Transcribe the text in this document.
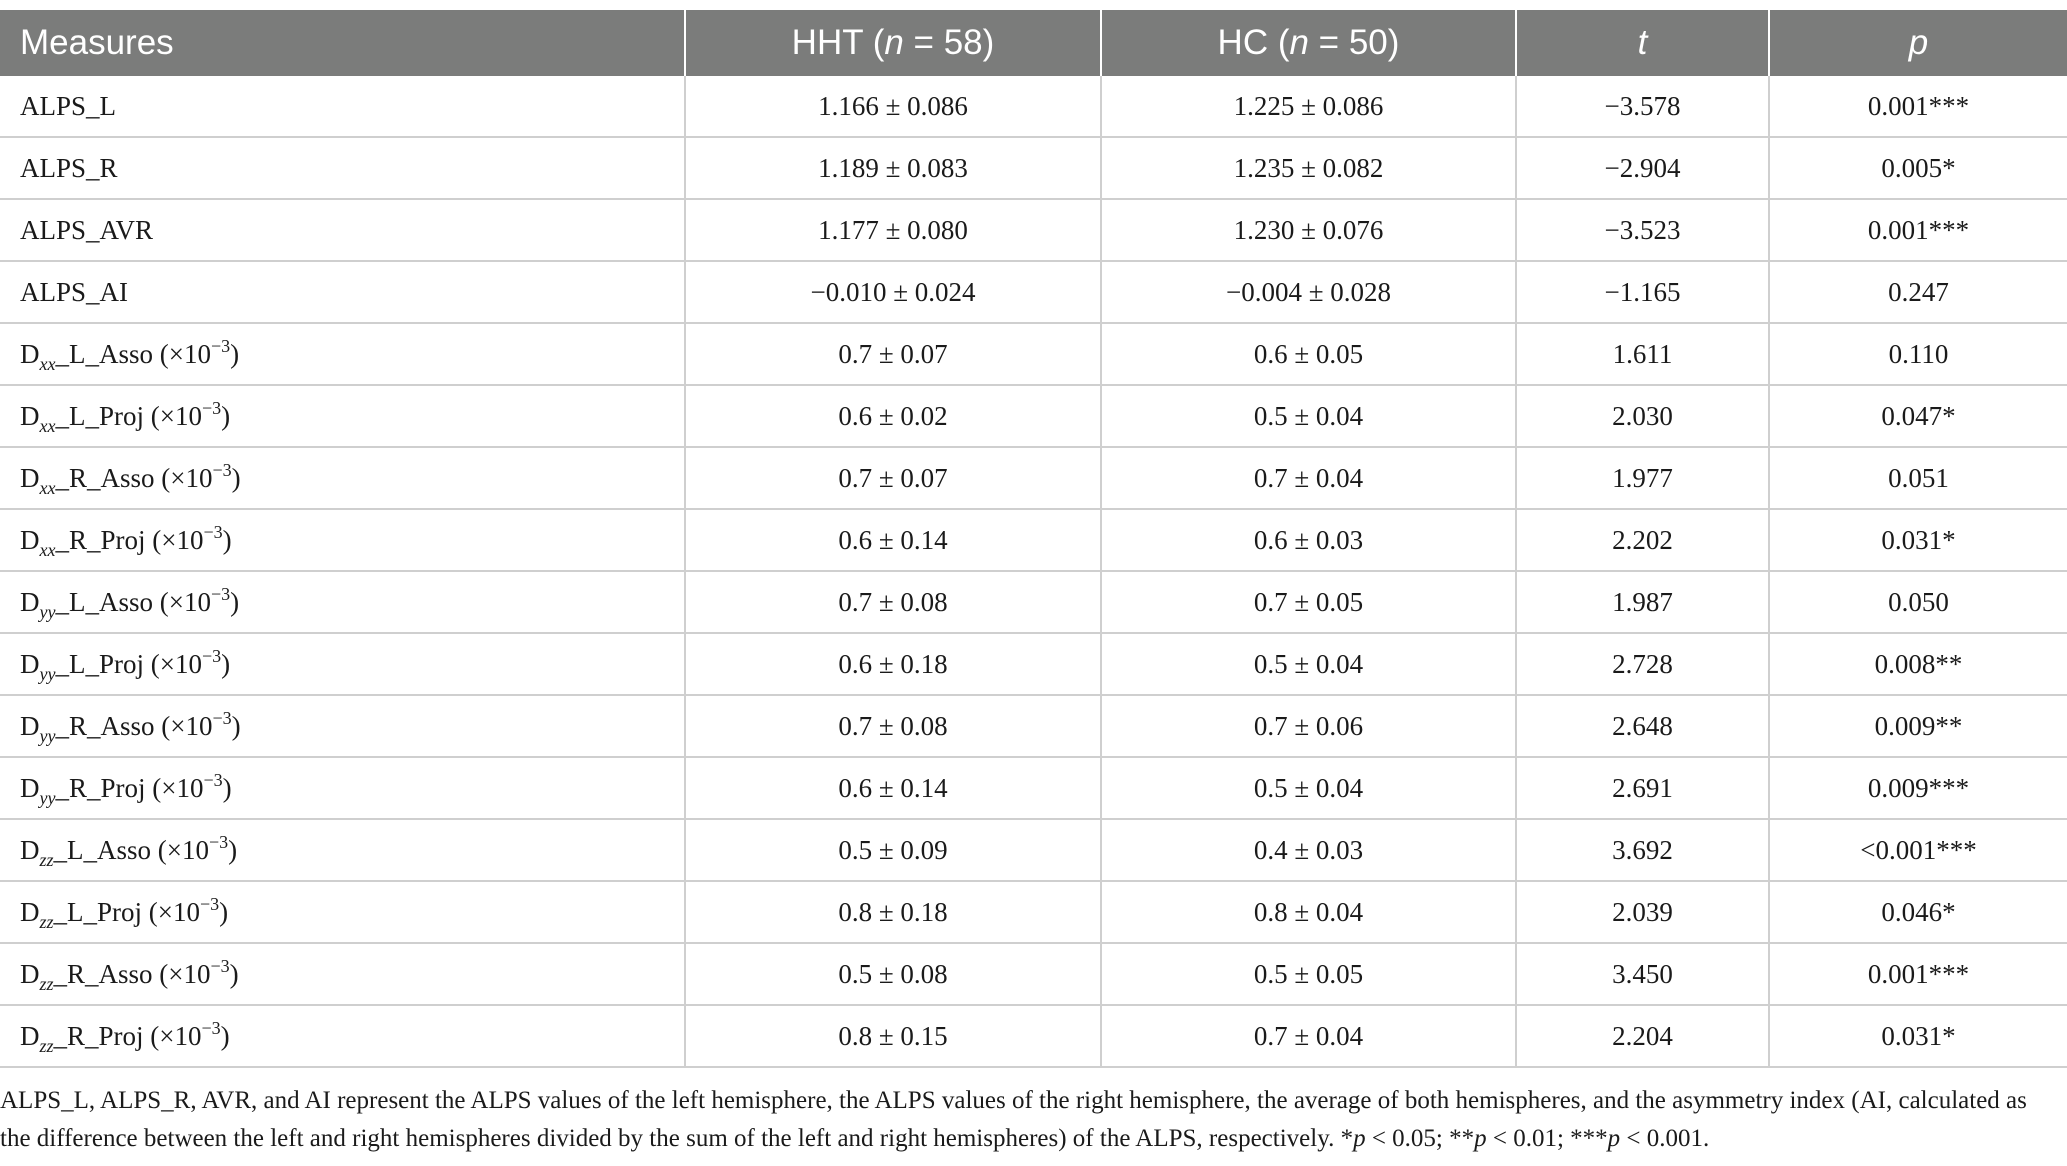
Measures	HHT (n = 58)	HC (n = 50)	t	p
ALPS_L	1.166 ± 0.086	1.225 ± 0.086	−3.578	0.001***
ALPS_R	1.189 ± 0.083	1.235 ± 0.082	−2.904	0.005*
ALPS_AVR	1.177 ± 0.080	1.230 ± 0.076	−3.523	0.001***
ALPS_AI	−0.010 ± 0.024	−0.004 ± 0.028	−1.165	0.247
$D_{xx}\_L\_Asso$ $(\times 10^{-3})$	0.7 ± 0.07	0.6 ± 0.05	1.611	0.110
$D_{xx}\_L\_Proj$ $(\times 10^{-3})$	0.6 ± 0.02	0.5 ± 0.04	2.030	0.047*
$D_{xx}\_R\_Asso$ $(\times 10^{-3})$	0.7 ± 0.07	0.7 ± 0.04	1.977	0.051
$D_{xx}\_R\_Proj$ $(\times 10^{-3})$	0.6 ± 0.14	0.6 ± 0.03	2.202	0.031*
$D_{yy}\_L\_Asso$ $(\times 10^{-3})$	0.7 ± 0.08	0.7 ± 0.05	1.987	0.050
$D_{yy}\_L\_Proj$ $(\times 10^{-3})$	0.6 ± 0.18	0.5 ± 0.04	2.728	0.008**
$D_{yy}\_R\_Asso$ $(\times 10^{-3})$	0.7 ± 0.08	0.7 ± 0.06	2.648	0.009**
$D_{yy}\_R\_Proj$ $(\times 10^{-3})$	0.6 ± 0.14	0.5 ± 0.04	2.691	0.009***
$D_{zz}\_L\_Asso$ $(\times 10^{-3})$	0.5 ± 0.09	0.4 ± 0.03	3.692	<0.001***
$D_{zz}\_L\_Proj$ $(\times 10^{-3})$	0.8 ± 0.18	0.8 ± 0.04	2.039	0.046*
$D_{zz}\_R\_Asso$ $(\times 10^{-3})$	0.5 ± 0.08	0.5 ± 0.05	3.450	0.001***
$D_{zz}\_R\_Proj$ $(\times 10^{-3})$	0.8 ± 0.15	0.7 ± 0.04	2.204	0.031*
ALPS_L, ALPS_R, AVR, and AI represent the ALPS values of the left hemisphere, the ALPS values of the right hemisphere, the average of both hemispheres, and the asymmetry index (AI, calculated as the difference between the left and right hemispheres divided by the sum of the left and right hemispheres) of the ALPS, respectively. *p < 0.05; **p < 0.01; ***p < 0.001.
